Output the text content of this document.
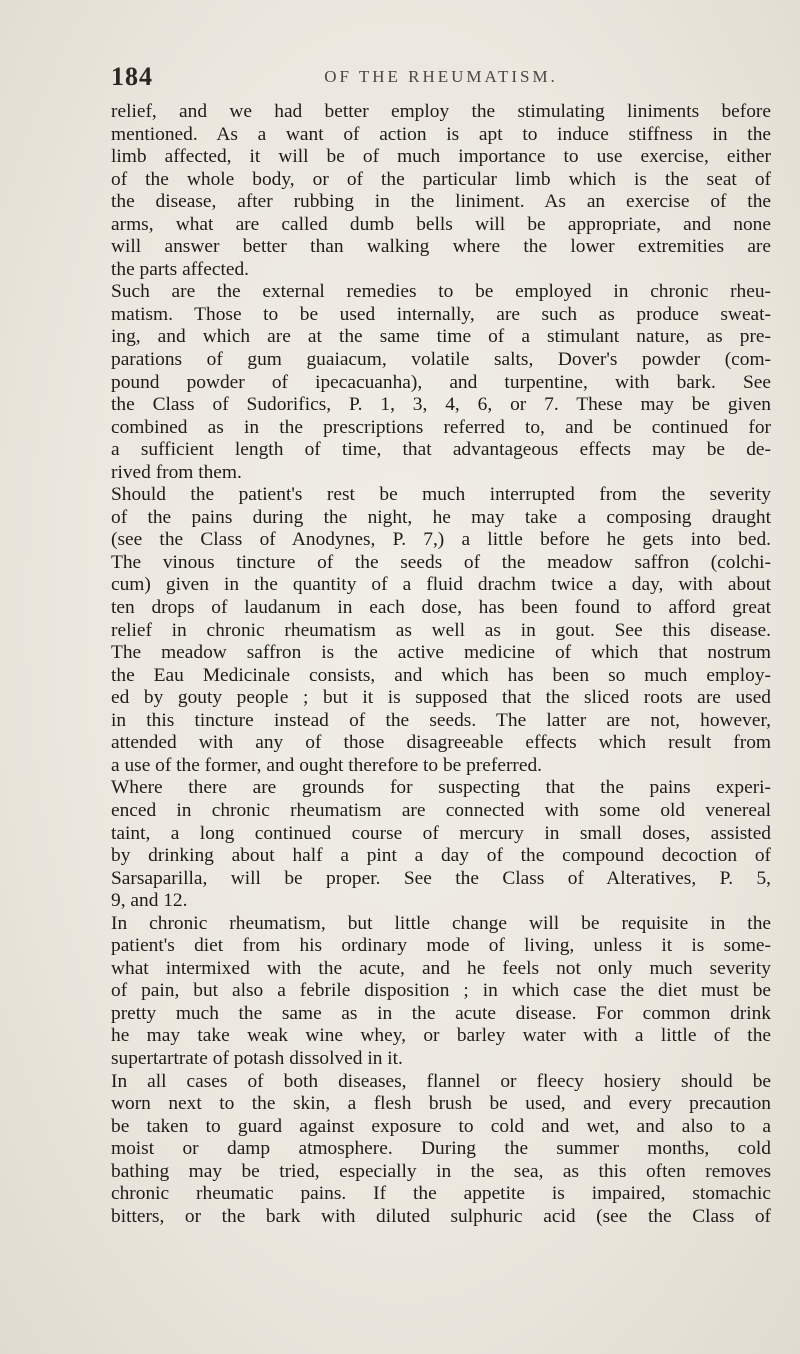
184	OF THE RHEUMATISM.
relief, and we had better employ the stimulating liniments before
mentioned. As a want of action is apt to induce stiffness in the
limb affected, it will be of much importance to use exercise, either
of the whole body, or of the particular limb which is the seat of
the disease, after rubbing in the liniment. As an exercise of the
arms, what are called dumb bells will be appropriate, and none
will answer better than walking where the lower extremities are
the parts affected.
Such are the external remedies to be employed in chronic rheu-
matism. Those to be used internally, are such as produce sweat-
ing, and which are at the same time of a stimulant nature, as pre-
parations of gum guaiacum, volatile salts, Dover's powder (com-
pound powder of ipecacuanha), and turpentine, with bark. See
the Class of Sudorifics, P. 1, 3, 4, 6, or 7. These may be given
combined as in the prescriptions referred to, and be continued for
a sufficient length of time, that advantageous effects may be de-
rived from them.
Should the patient's rest be much interrupted from the severity
of the pains during the night, he may take a composing draught
(see the Class of Anodynes, P. 7,) a little before he gets into bed.
The vinous tincture of the seeds of the meadow saffron (colchi-
cum) given in the quantity of a fluid drachm twice a day, with about
ten drops of laudanum in each dose, has been found to afford great
relief in chronic rheumatism as well as in gout. See this disease.
The meadow saffron is the active medicine of which that nostrum
the Eau Medicinale consists, and which has been so much employ-
ed by gouty people ; but it is supposed that the sliced roots are used
in this tincture instead of the seeds. The latter are not, however,
attended with any of those disagreeable effects which result from
a use of the former, and ought therefore to be preferred.
Where there are grounds for suspecting that the pains experi-
enced in chronic rheumatism are connected with some old venereal
taint, a long continued course of mercury in small doses, assisted
by drinking about half a pint a day of the compound decoction of
Sarsaparilla, will be proper. See the Class of Alteratives, P. 5,
9, and 12.
In chronic rheumatism, but little change will be requisite in the
patient's diet from his ordinary mode of living, unless it is some-
what intermixed with the acute, and he feels not only much severity
of pain, but also a febrile disposition ; in which case the diet must be
pretty much the same as in the acute disease. For common drink
he may take weak wine whey, or barley water with a little of the
supertartrate of potash dissolved in it.
In all cases of both diseases, flannel or fleecy hosiery should be
worn next to the skin, a flesh brush be used, and every precaution
be taken to guard against exposure to cold and wet, and also to a
moist or damp atmosphere. During the summer months, cold
bathing may be tried, especially in the sea, as this often removes
chronic rheumatic pains. If the appetite is impaired, stomachic
bitters, or the bark with diluted sulphuric acid (see the Class of
